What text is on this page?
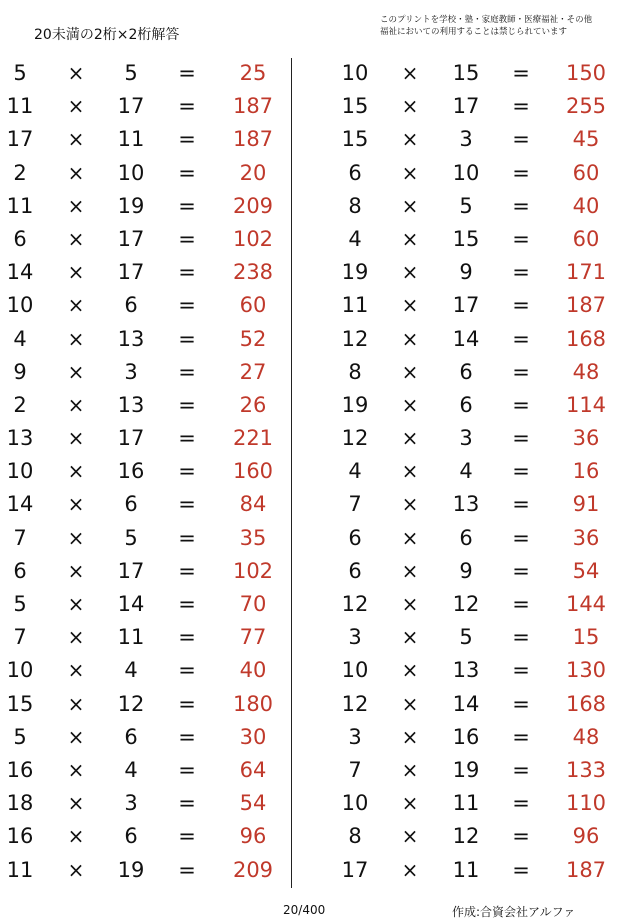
20未満の2桁×2桁解答
このプリントを学校・塾・家庭教師・医療福祉・その他
福祉においての利用することは禁じられています
5	×	5	=	25
11	×	17	=	187
17	×	11	=	187
2	×	10	=	20
11	×	19	=	209
6	×	17	=	102
14	×	17	=	238
10	×	6	=	60
4	×	13	=	52
9	×	3	=	27
2	×	13	=	26
13	×	17	=	221
10	×	16	=	160
14	×	6	=	84
7	×	5	=	35
6	×	17	=	102
5	×	14	=	70
7	×	11	=	77
10	×	4	=	40
15	×	12	=	180
5	×	6	=	30
16	×	4	=	64
18	×	3	=	54
16	×	6	=	96
11	×	19	=	209
10	×	15	=	150
15	×	17	=	255
15	×	3	=	45
6	×	10	=	60
8	×	5	=	40
4	×	15	=	60
19	×	9	=	171
11	×	17	=	187
12	×	14	=	168
8	×	6	=	48
19	×	6	=	114
12	×	3	=	36
4	×	4	=	16
7	×	13	=	91
6	×	6	=	36
6	×	9	=	54
12	×	12	=	144
3	×	5	=	15
10	×	13	=	130
12	×	14	=	168
3	×	16	=	48
7	×	19	=	133
10	×	11	=	110
8	×	12	=	96
17	×	11	=	187
20/400	作成:合資会社アルファ
